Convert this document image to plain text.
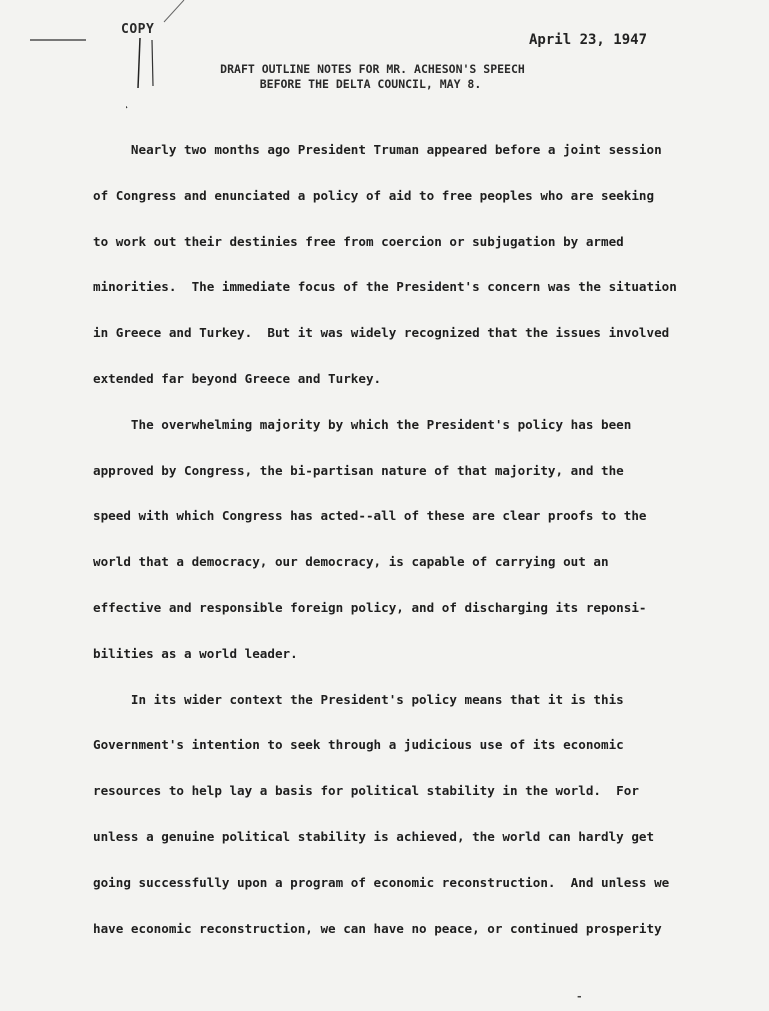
COPY
April 23, 1947
DRAFT OUTLINE NOTES FOR MR. ACHESON'S SPEECH
BEFORE THE DELTA COUNCIL, MAY 8.
Nearly two months ago President Truman appeared before a joint session
of Congress and enunciated a policy of aid to free peoples who are seeking
to work out their destinies free from coercion or subjugation by armed
minorities.  The immediate focus of the President's concern was the situation
in Greece and Turkey.  But it was widely recognized that the issues involved
extended far beyond Greece and Turkey.
The overwhelming majority by which the President's policy has been
approved by Congress, the bi-partisan nature of that majority, and the
speed with which Congress has acted--all of these are clear proofs to the
world that a democracy, our democracy, is capable of carrying out an
effective and responsible foreign policy, and of discharging its reponsi-
bilities as a world leader.
In its wider context the President's policy means that it is this
Government's intention to seek through a judicious use of its economic
resources to help lay a basis for political stability in the world.  For
unless a genuine political stability is achieved, the world can hardly get
going successfully upon a program of economic reconstruction.  And unless we
have economic reconstruction, we can have no peace, or continued prosperity
-
